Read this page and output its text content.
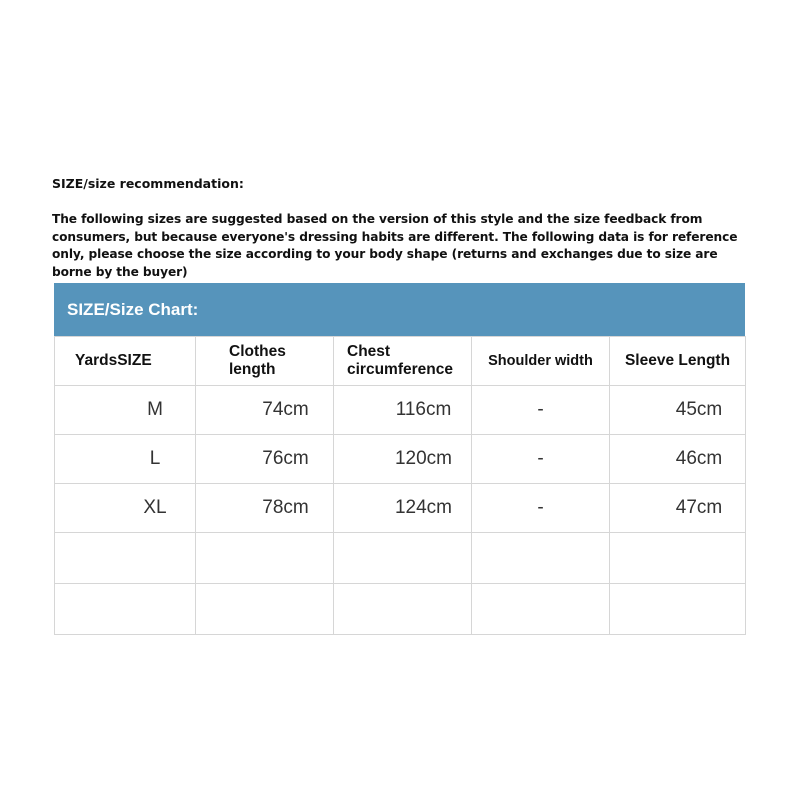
SIZE/size recommendation:
The following sizes are suggested based on the version of this style and the size feedback from consumers, but because everyone's dressing habits are different. The following data is for reference only, please choose the size according to your body shape (returns and exchanges due to size are borne by the buyer)
SIZE/Size Chart:
YardsSIZE	Clothes length	Chest circumference	Shoulder width	Sleeve Length
M	74cm	116cm	-	45cm
L	76cm	120cm	-	46cm
XL	78cm	124cm	-	47cm
